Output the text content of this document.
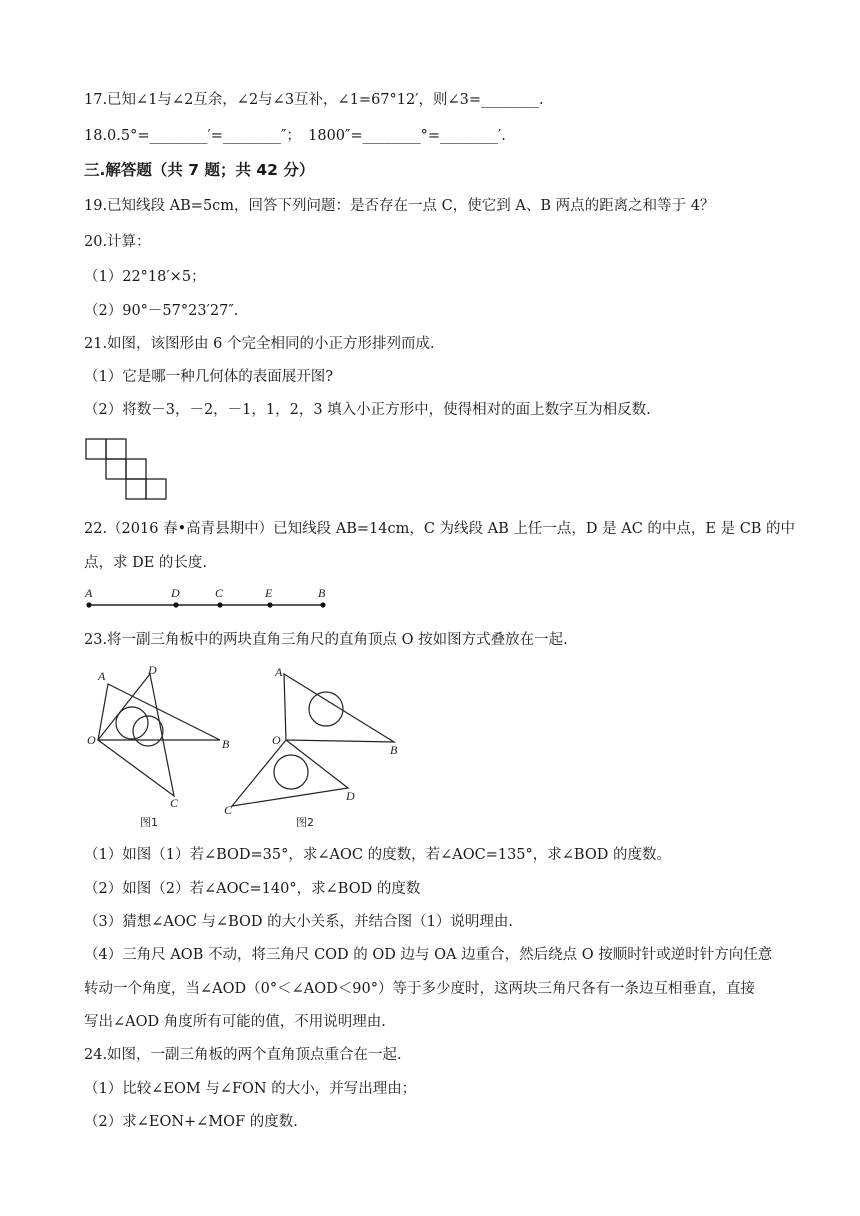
17.已知∠1与∠2互余，∠2与∠3互补，∠1=67°12′，则∠3=________.
18.0.5°=________′=________″；　1800″=________°=________′.
三.解答题（共 7 题；共 42 分）
19.已知线段 AB=5cm，回答下列问题：是否存在一点 C，使它到 A、B 两点的距离之和等于 4？
20.计算：
（1）22°18′×5；
（2）90°－57°23′27″.
21.如图，该图形由 6 个完全相同的小正方形排列而成.
（1）它是哪一种几何体的表面展开图?
（2）将数－3，－2，－1，1，2，3 填入小正方形中，使得相对的面上数字互为相反数.
22.（2016 春•高青县期中）已知线段 AB=14cm，C 为线段 AB 上任一点，D 是 AC 的中点，E 是 CB 的中
点，求 DE 的长度.
A	D	C	E	B
23.将一副三角板中的两块直角三角尺的直角顶点 O 按如图方式叠放在一起.
A	D
O	B
C
图1
A
O
B
C
D
图2
（1）如图（1）若∠BOD=35°，求∠AOC 的度数，若∠AOC=135°，求∠BOD 的度数。
（2）如图（2）若∠AOC=140°，求∠BOD 的度数
（3）猜想∠AOC 与∠BOD 的大小关系，并结合图（1）说明理由.
（4）三角尺 AOB 不动，将三角尺 COD 的 OD 边与 OA 边重合，然后绕点 O 按顺时针或逆时针方向任意
转动一个角度，当∠AOD（0°＜∠AOD＜90°）等于多少度时，这两块三角尺各有一条边互相垂直，直接
写出∠AOD 角度所有可能的值，不用说明理由.
24.如图，一副三角板的两个直角顶点重合在一起.
（1）比较∠EOM 与∠FON 的大小，并写出理由；
（2）求∠EON+∠MOF 的度数.
